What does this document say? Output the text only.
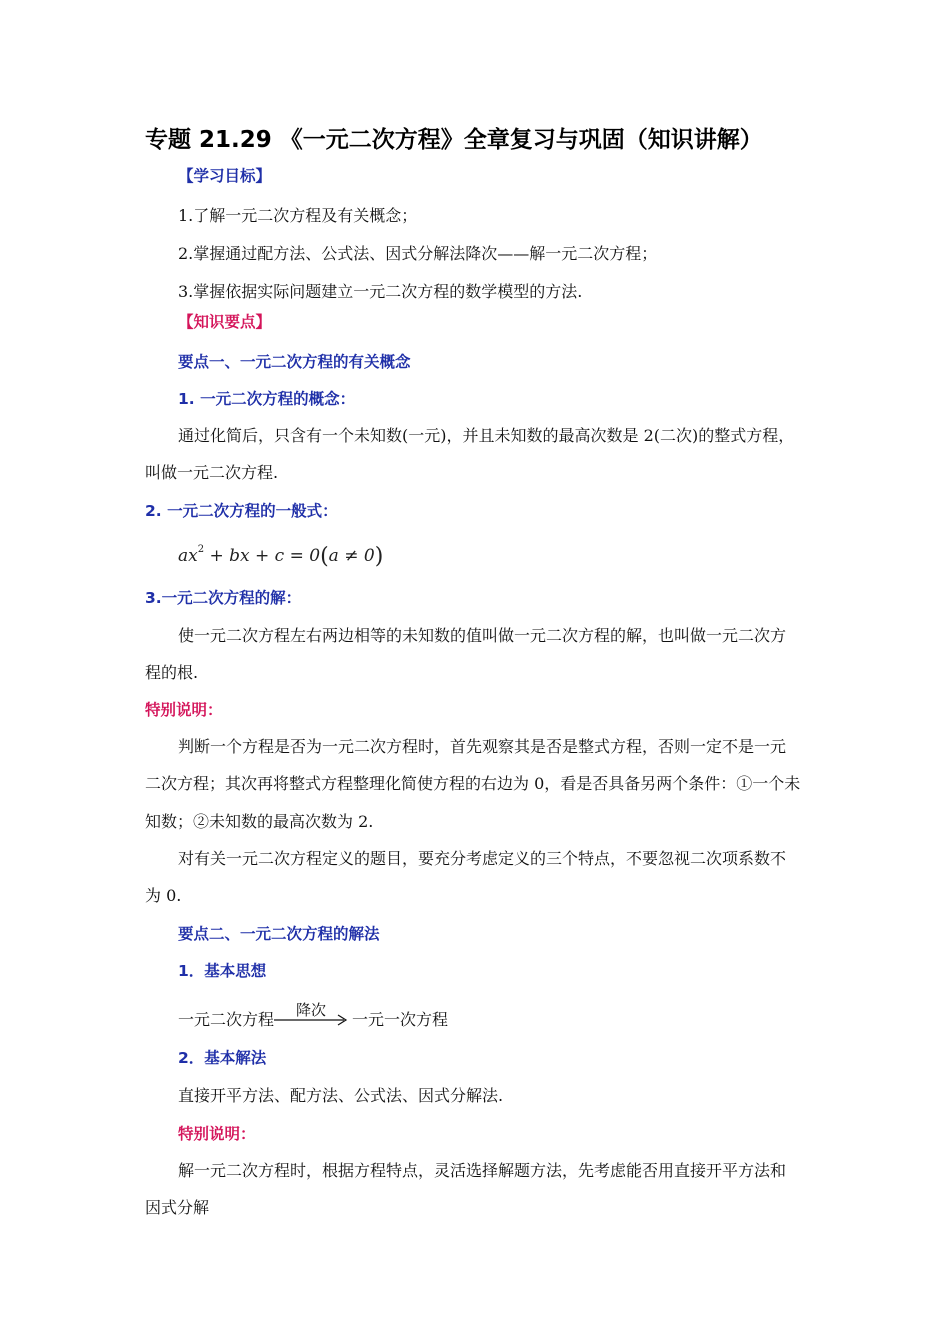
专题 21.29 《一元二次方程》全章复习与巩固（知识讲解）
【学习目标】
1.了解一元二次方程及有关概念；
2.掌握通过配方法、公式法、因式分解法降次——解一元二次方程；
3.掌握依据实际问题建立一元二次方程的数学模型的方法.
【知识要点】
要点一、一元二次方程的有关概念
1. 一元二次方程的概念：
通过化简后，只含有一个未知数(一元)，并且未知数的最高次数是 2(二次)的整式方程，
叫做一元二次方程.
2. 一元二次方程的一般式：
$ax^2$ + bx + c = 0(a ≠ 0)
3.一元二次方程的解：
使一元二次方程左右两边相等的未知数的值叫做一元二次方程的解，也叫做一元二次方
程的根.
特别说明：
判断一个方程是否为一元二次方程时，首先观察其是否是整式方程，否则一定不是一元
二次方程；其次再将整式方程整理化简使方程的右边为 0，看是否具备另两个条件：①一个未
知数；②未知数的最高次数为 2.
对有关一元二次方程定义的题目，要充分考虑定义的三个特点，不要忽视二次项系数不
为 0.
要点二、一元二次方程的解法
1．基本思想
一元二次方程 降次 一元一次方程
2．基本解法
直接开平方法、配方法、公式法、因式分解法.
特别说明：
解一元二次方程时，根据方程特点，灵活选择解题方法，先考虑能否用直接开平方法和
因式分解
